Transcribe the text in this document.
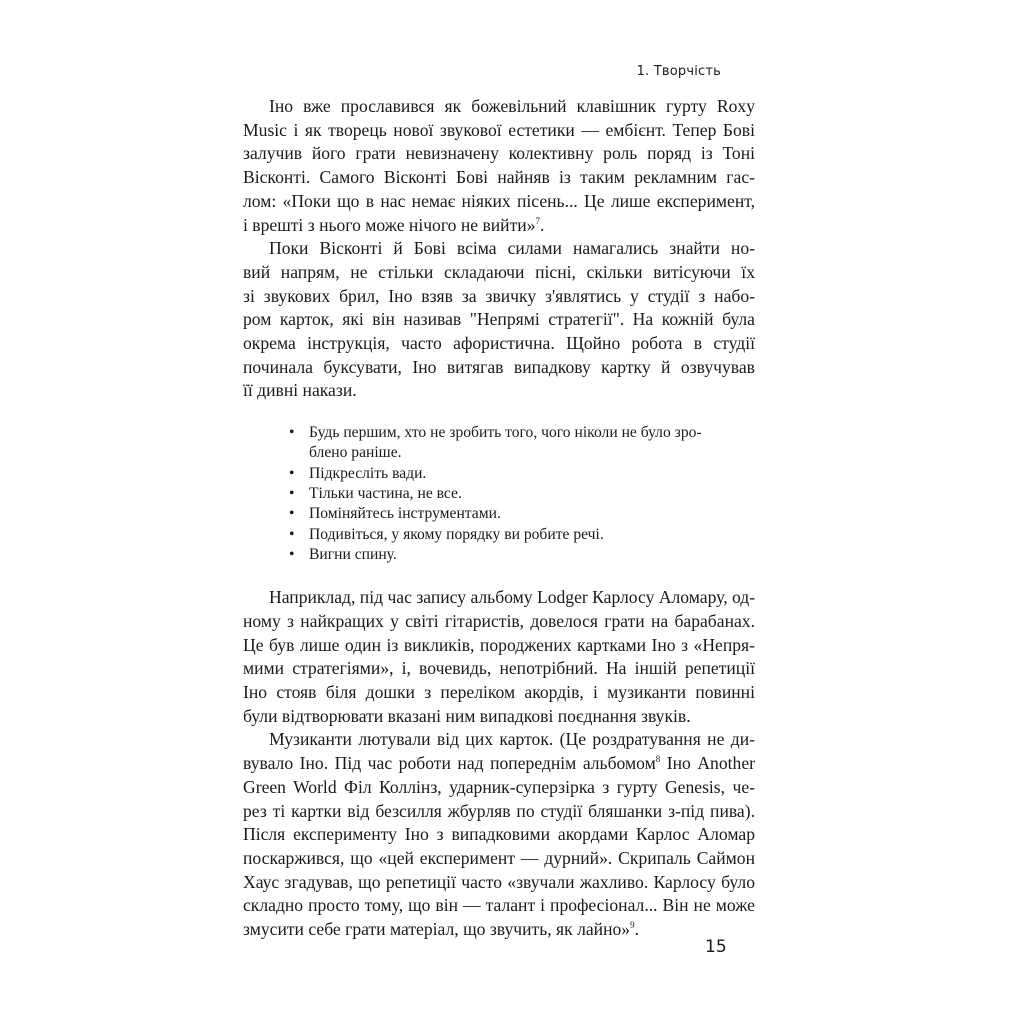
1. Творчість
Іно вже прославився як божевільний клавішник гурту Roxy
Music і як творець нової звукової естетики — ембієнт. Тепер Бові
залучив його грати невизначену колективну роль поряд із Тоні
Вісконті. Самого Вісконті Бові найняв із таким рекламним гас-
лом: «Поки що в нас немає ніяких пісень... Це лише експеримент,
і врешті з нього може нічого не вийти»$^7$.
Поки Вісконті й Бові всіма силами намагались знайти но-
вий напрям, не стільки складаючи пісні, скільки витісуючи їх
зі звукових брил, Іно взяв за звичку з'являтись у студії з набо-
ром карток, які він називав "Непрямі стратегії". На кожній була
окрема інструкція, часто афористична. Щойно робота в студії
починала буксувати, Іно витягав випадкову картку й озвучував
її дивні накази.
• Будь першим, хто не зробить того, чого ніколи не було зро-
блено раніше.
• Підкресліть вади.
• Тільки частина, не все.
• Поміняйтесь інструментами.
• Подивіться, у якому порядку ви робите речі.
• Вигни спину.
Наприклад, під час запису альбому Lodger Карлосу Аломару, од-
ному з найкращих у світі гітаристів, довелося грати на барабанах.
Це був лише один із викликів, породжених картками Іно з «Непря-
мими стратегіями», і, вочевидь, непотрібний. На іншій репетиції
Іно стояв біля дошки з переліком акордів, і музиканти повинні
були відтворювати вказані ним випадкові поєднання звуків.
Музиканти лютували від цих карток. (Це роздратування не ди-
вувало Іно. Під час роботи над попереднім альбомом$^8$ Іно Another
Green World Філ Коллінз, ударник-суперзірка з гурту Genesis, че-
рез ті картки від безсилля жбурляв по студії бляшанки з-під пива).
Після експерименту Іно з випадковими акордами Карлос Аломар
поскаржився, що «цей експеримент — дурний». Скрипаль Саймон
Хаус згадував, що репетиції часто «звучали жахливо. Карлосу було
складно просто тому, що він — талант і професіонал... Він не може
змусити себе грати матеріал, що звучить, як лайно»$^9$.
15
